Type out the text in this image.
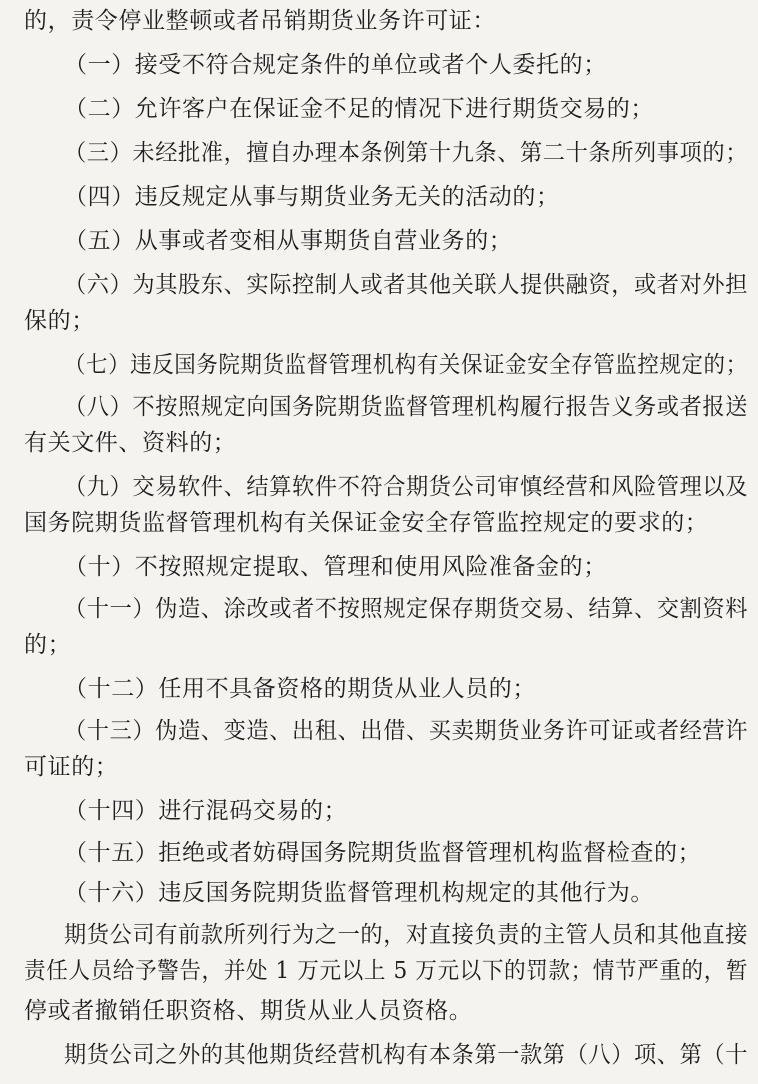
的，责令停业整顿或者吊销期货业务许可证：
（一）接受不符合规定条件的单位或者个人委托的；
（二）允许客户在保证金不足的情况下进行期货交易的；
（三）未经批准，擅自办理本条例第十九条、第二十条所列事项的；
（四）违反规定从事与期货业务无关的活动的；
（五）从事或者变相从事期货自营业务的；
（六）为其股东、实际控制人或者其他关联人提供融资，或者对外担
保的；
（七）违反国务院期货监督管理机构有关保证金安全存管监控规定的；
（八）不按照规定向国务院期货监督管理机构履行报告义务或者报送
有关文件、资料的；
（九）交易软件、结算软件不符合期货公司审慎经营和风险管理以及
国务院期货监督管理机构有关保证金安全存管监控规定的要求的；
（十）不按照规定提取、管理和使用风险准备金的；
（十一）伪造、涂改或者不按照规定保存期货交易、结算、交割资料
的；
（十二）任用不具备资格的期货从业人员的；
（十三）伪造、变造、出租、出借、买卖期货业务许可证或者经营许
可证的；
（十四）进行混码交易的；
（十五）拒绝或者妨碍国务院期货监督管理机构监督检查的；
（十六）违反国务院期货监督管理机构规定的其他行为。
期货公司有前款所列行为之一的，对直接负责的主管人员和其他直接
责任人员给予警告，并处 1 万元以上 5 万元以下的罚款；情节严重的，暂
停或者撤销任职资格、期货从业人员资格。
期货公司之外的其他期货经营机构有本条第一款第（八）项、第（十
